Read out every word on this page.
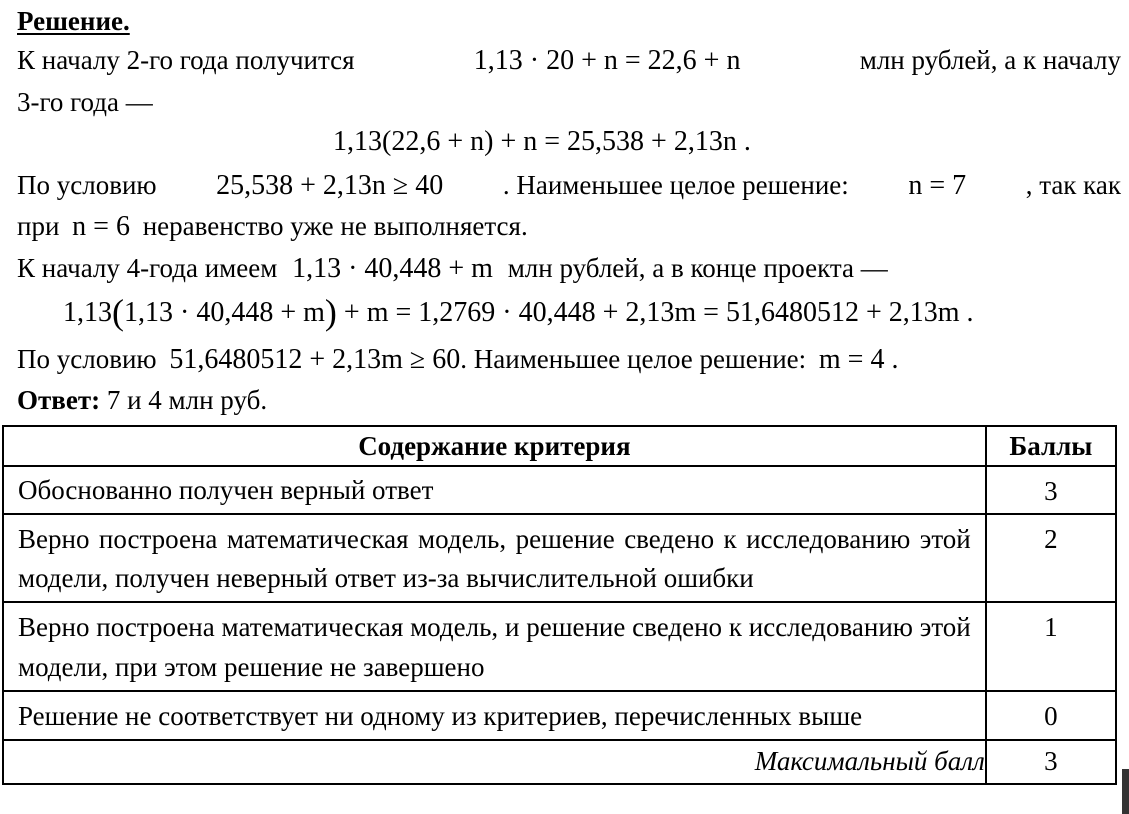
Решение.
К началу 2-го года получится	1,13 · 20 + n = 22,6 + n	млн рублей, а к началу
3-го года —
1,13(22,6 + n) + n = 25,538 + 2,13n .
По условию 25,538 + 2,13n ≥ 40 . Наименьшее целое решение: n = 7 , так как
при n = 6 неравенство уже не выполняется.
К началу 4-года имеем 1,13 · 40,448 + m млн рублей, а в конце проекта —
1,13(1,13 · 40,448 + m) + m = 1,2769 · 40,448 + 2,13m = 51,6480512 + 2,13m .
По условию 51,6480512 + 2,13m ≥ 60. Наименьшее целое решение: m = 4 .
Ответ: 7 и 4 млн руб.
Содержание критерия	Баллы

Обоснованно получен верный ответ	3

Верно построена математическая модель, решение сведено к исследованию этой модели, получен неверный ответ из-за вычислительной ошибки	2

Верно построена математическая модель, и решение сведено к исследованию этой модели, при этом решение не завершено	1

Решение не соответствует ни одному из критериев, перечисленных выше	0

Максимальный балл	3
